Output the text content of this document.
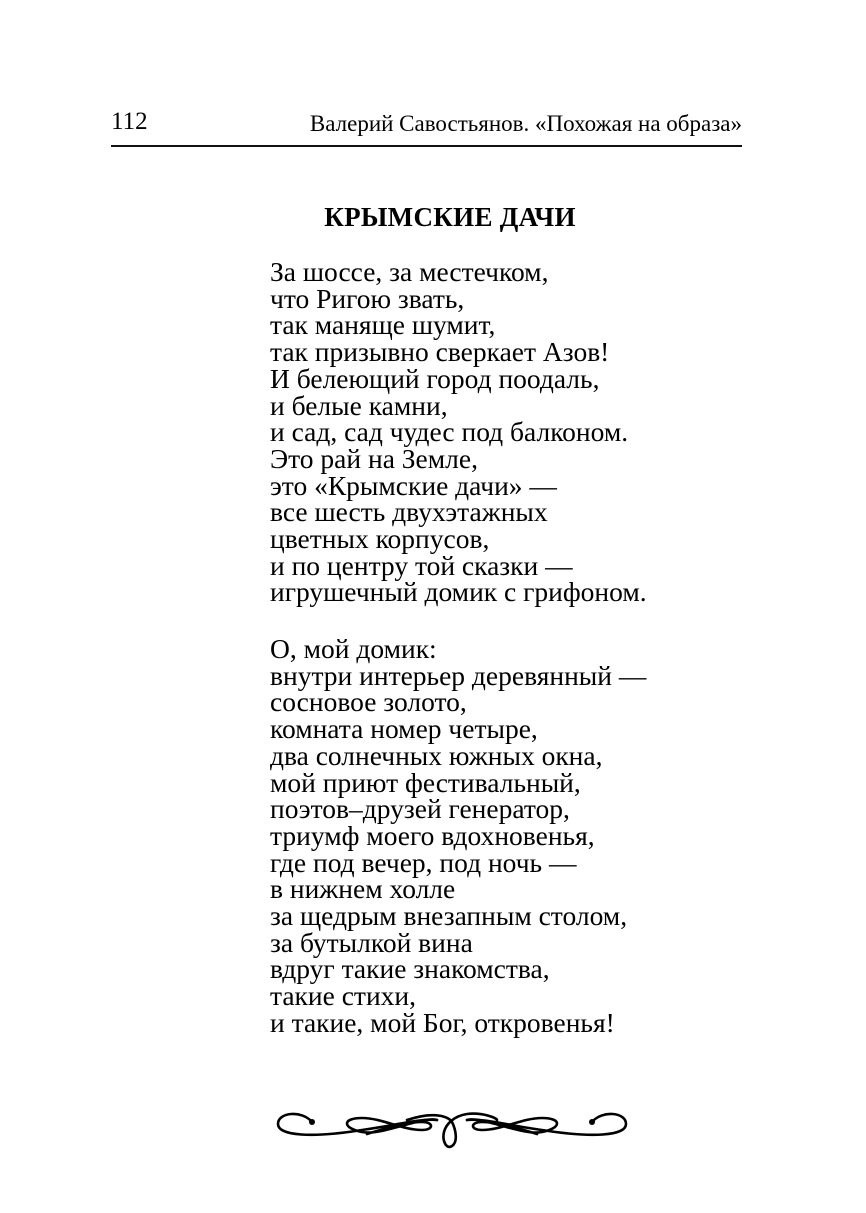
112	Валерий Савостьянов. «Похожая на образа»
КРЫМСКИЕ ДАЧИ
За шоссе, за местечком,
что Ригою звать,
так маняще шумит,
так призывно сверкает Азов!
И белеющий город поодаль,
и белые камни,
и сад, сад чудес под балконом.
Это рай на Земле,
это «Крымские дачи» —
все шесть двухэтажных
цветных корпусов,
и по центру той сказки —
игрушечный домик с грифоном.
О, мой домик:
внутри интерьер деревянный —
сосновое золото,
комната номер четыре,
два солнечных южных окна,
мой приют фестивальный,
поэтов–друзей генератор,
триумф моего вдохновенья,
где под вечер, под ночь —
в нижнем холле
за щедрым внезапным столом,
за бутылкой вина
вдруг такие знакомства,
такие стихи,
и такие, мой Бог, откровенья!
